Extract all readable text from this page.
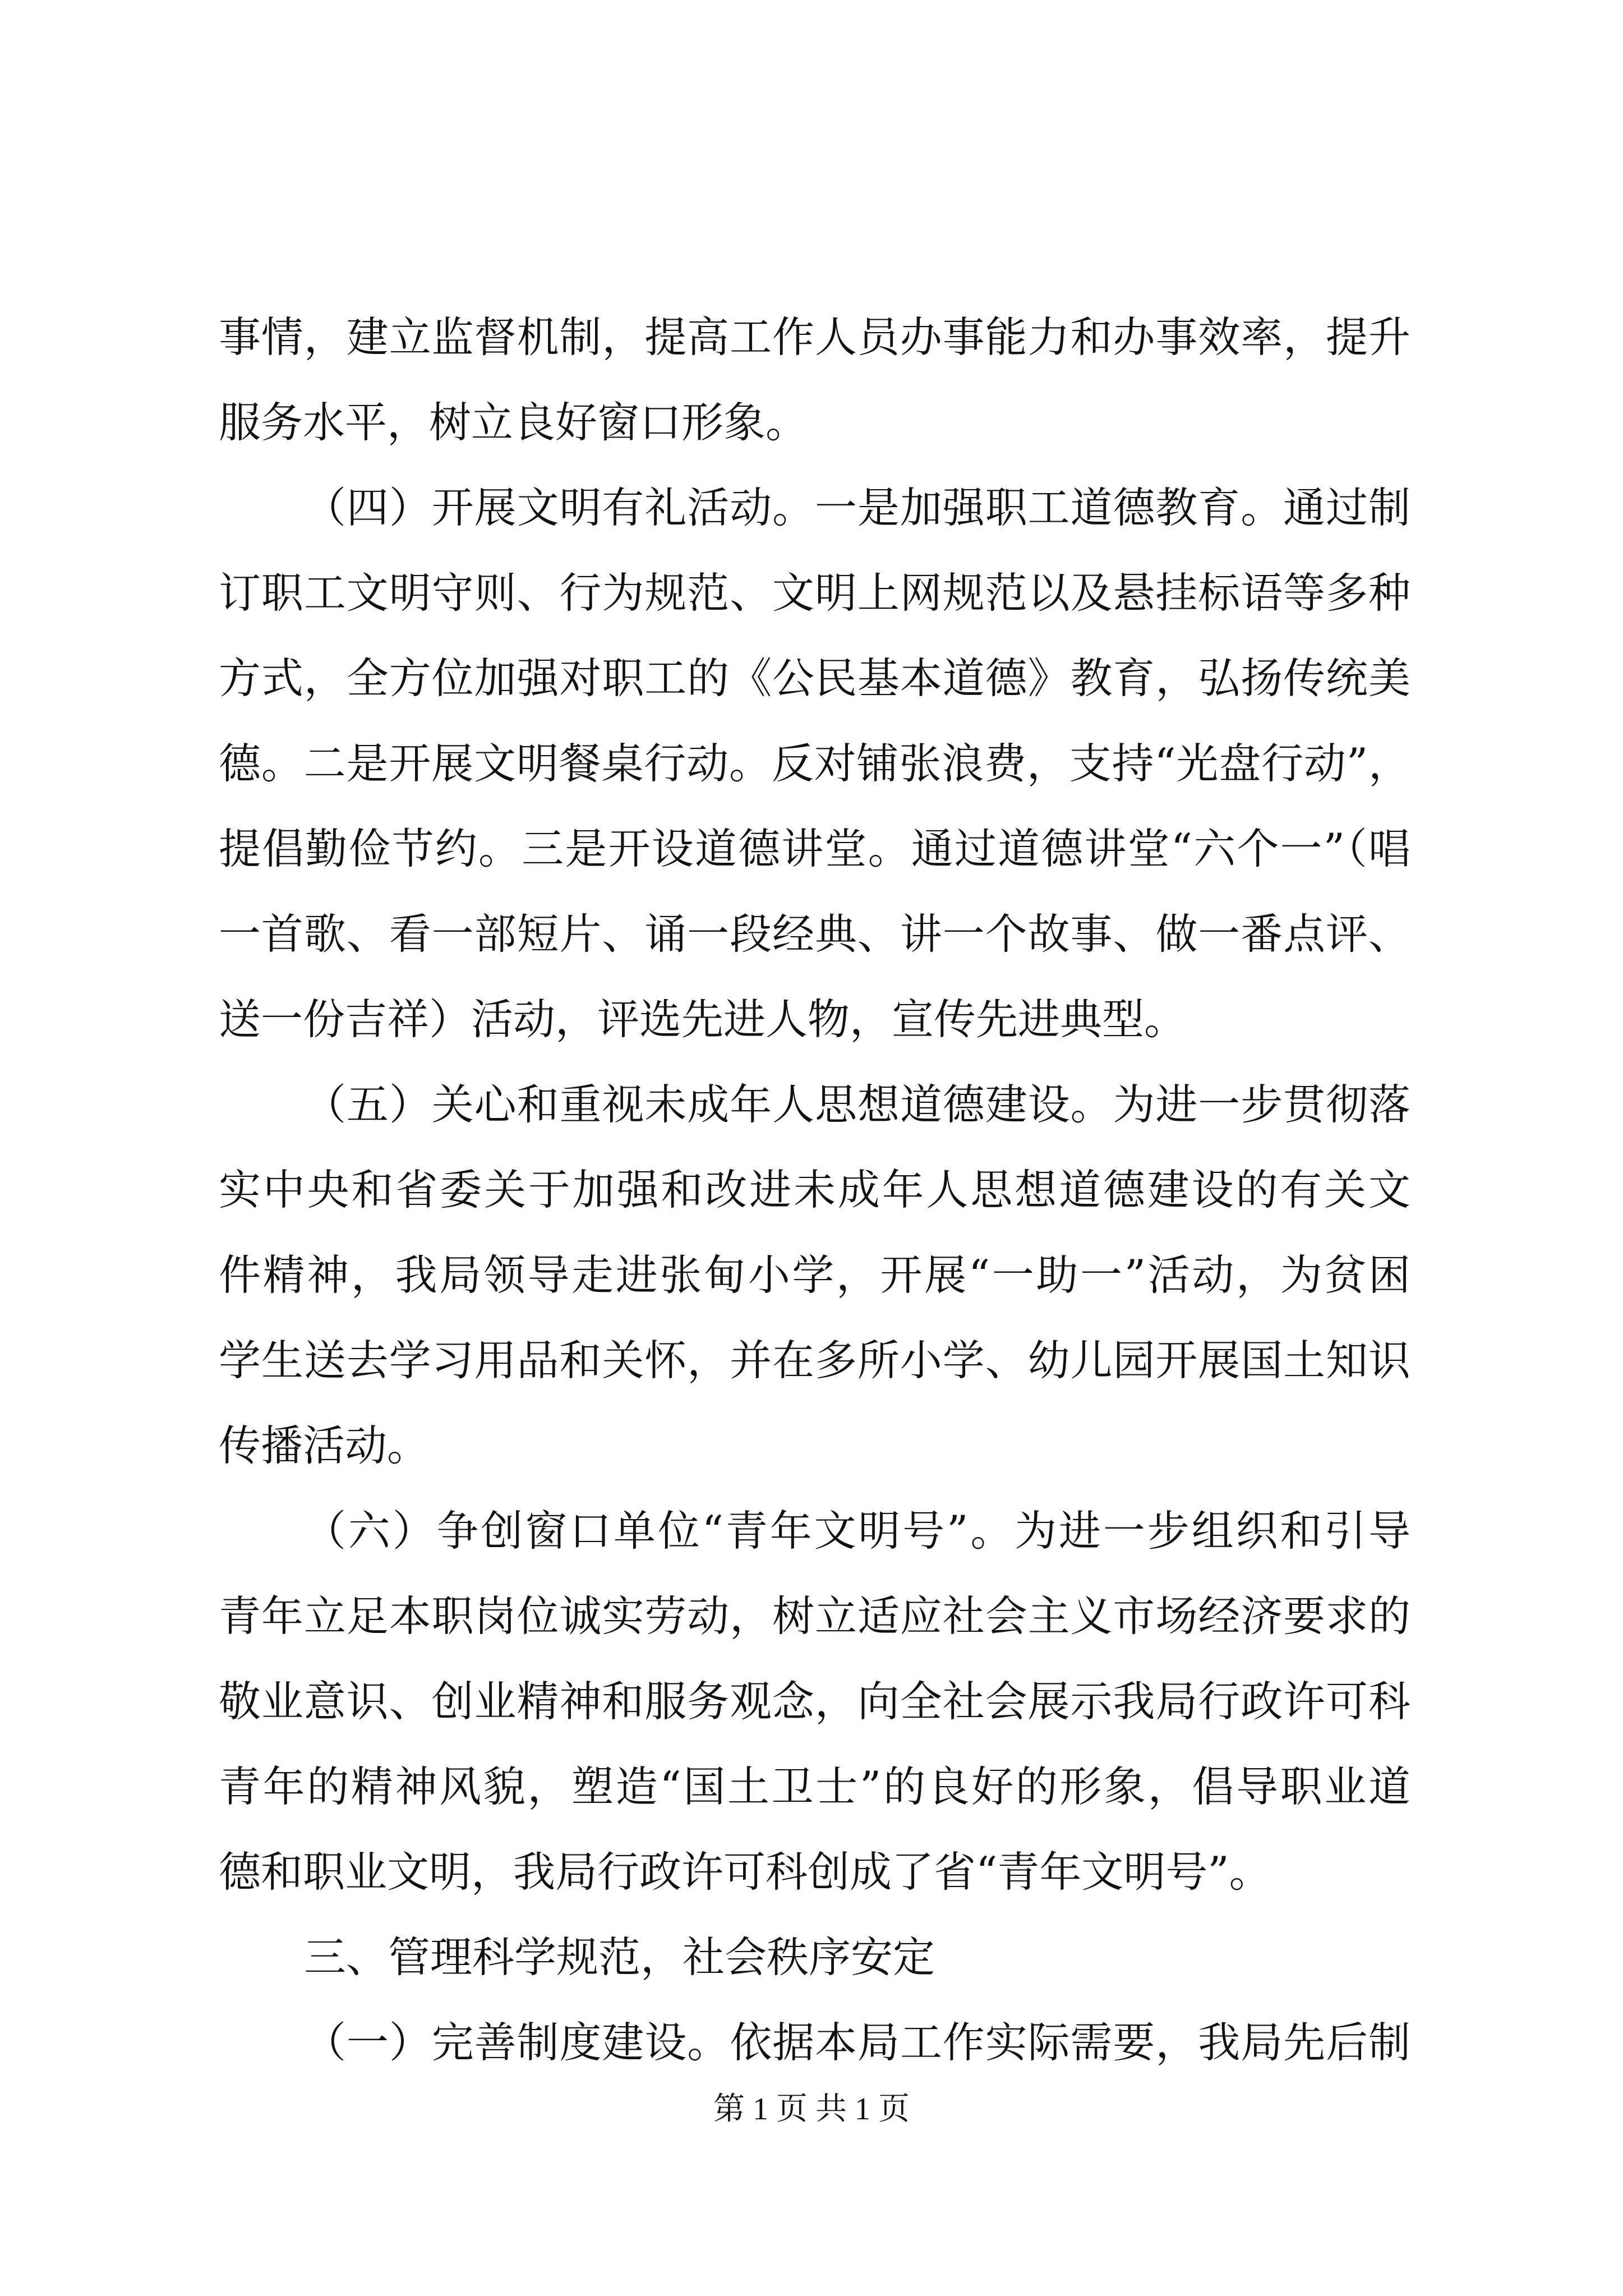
事情，建立监督机制，提高工作人员办事能力和办事效率，提升

服务水平，树立良好窗口形象。

（四）开展文明有礼活动。一是加强职工道德教育。通过制

订职工文明守则、行为规范、文明上网规范以及悬挂标语等多种

方式，全方位加强对职工的《公民基本道德》教育，弘扬传统美

德。二是开展文明餐桌行动。反对铺张浪费，支持“光盘行动”，

提倡勤俭节约。三是开设道德讲堂。通过道德讲堂“六个一”（唱

一首歌、看一部短片、诵一段经典、讲一个故事、做一番点评、

送一份吉祥）活动，评选先进人物，宣传先进典型。

（五）关心和重视未成年人思想道德建设。为进一步贯彻落

实中央和省委关于加强和改进未成年人思想道德建设的有关文

件精神，我局领导走进张甸小学，开展“一助一”活动，为贫困

学生送去学习用品和关怀，并在多所小学、幼儿园开展国土知识

传播活动。

（六）争创窗口单位“青年文明号”。为进一步组织和引导

青年立足本职岗位诚实劳动，树立适应社会主义市场经济要求的

敬业意识、创业精神和服务观念，向全社会展示我局行政许可科

青年的精神风貌，塑造“国土卫士”的良好的形象，倡导职业道

德和职业文明，我局行政许可科创成了省“青年文明号”。

三、管理科学规范，社会秩序安定

（一）完善制度建设。依据本局工作实际需要，我局先后制

第 1 页 共 1 页
